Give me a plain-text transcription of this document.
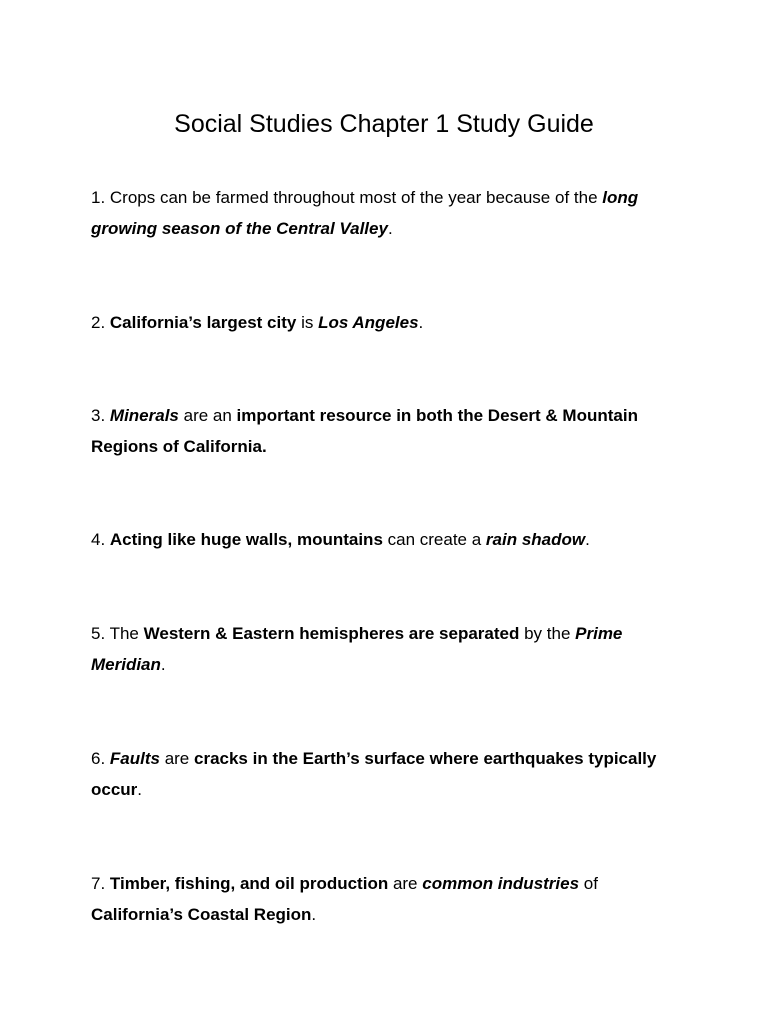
Social Studies Chapter 1 Study Guide

1. Crops can be farmed throughout most of the year because of the long growing season of the Central Valley.

2. California’s largest city is Los Angeles.

3. Minerals are an important resource in both the Desert & Mountain Regions of California.

4. Acting like huge walls, mountains can create a rain shadow.

5. The Western & Eastern hemispheres are separated by the Prime Meridian.

6. Faults are cracks in the Earth’s surface where earthquakes typically occur.

7. Timber, fishing, and oil production are common industries of California’s Coastal Region.
